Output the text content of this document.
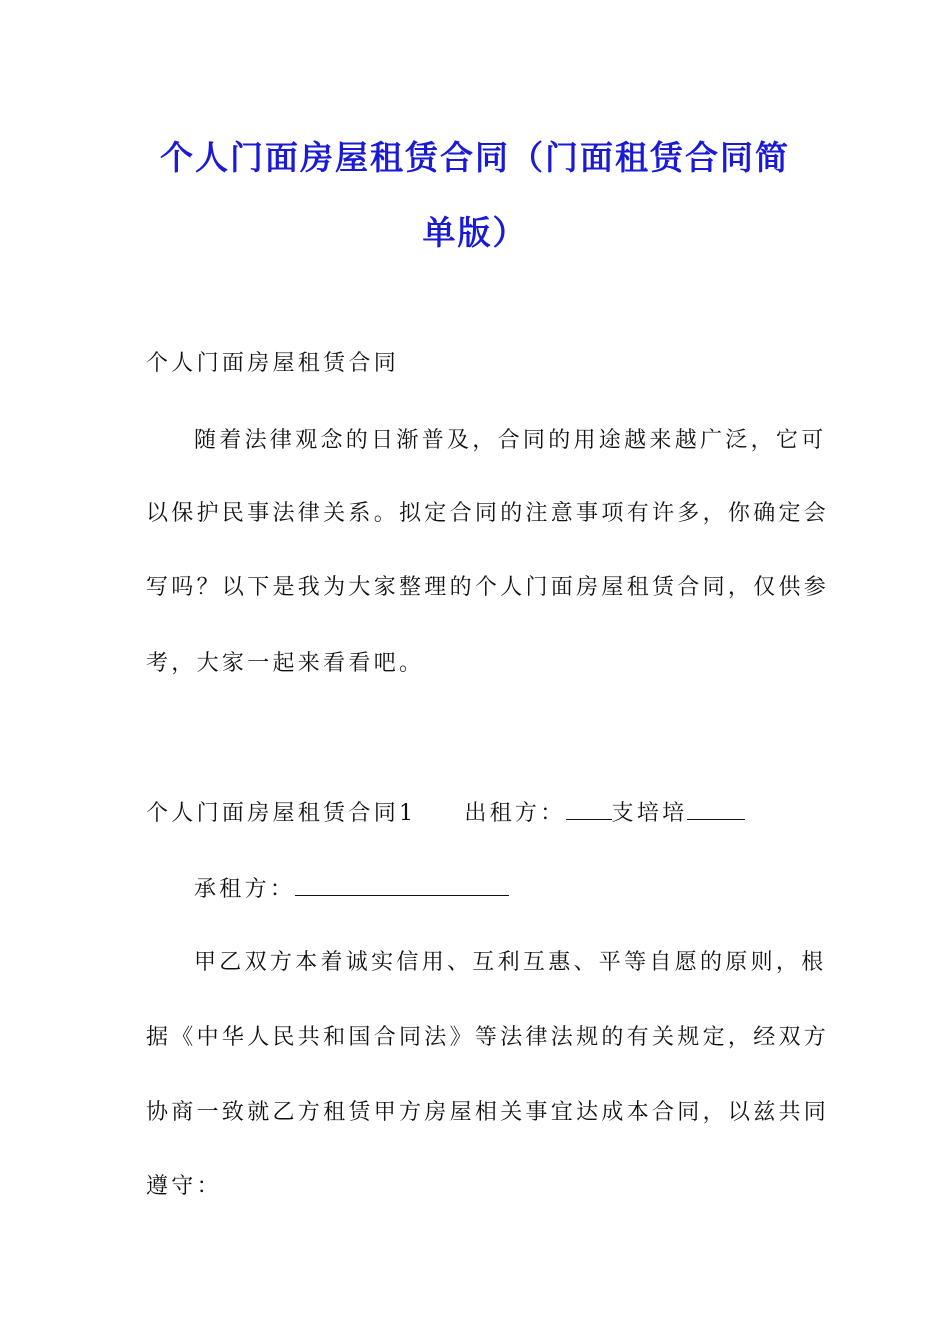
个人门面房屋租赁合同（门面租赁合同简
单版）
个人门面房屋租赁合同
随着法律观念的日渐普及，合同的用途越来越广泛，它可
以保护民事法律关系。拟定合同的注意事项有许多，你确定会
写吗？以下是我为大家整理的个人门面房屋租赁合同，仅供参
考，大家一起来看看吧。
个人门面房屋租赁合同1 出租方： 支培培
承租方：
甲乙双方本着诚实信用、互利互惠、平等自愿的原则，根
据《中华人民共和国合同法》等法律法规的有关规定，经双方
协商一致就乙方租赁甲方房屋相关事宜达成本合同，以兹共同
遵守：
